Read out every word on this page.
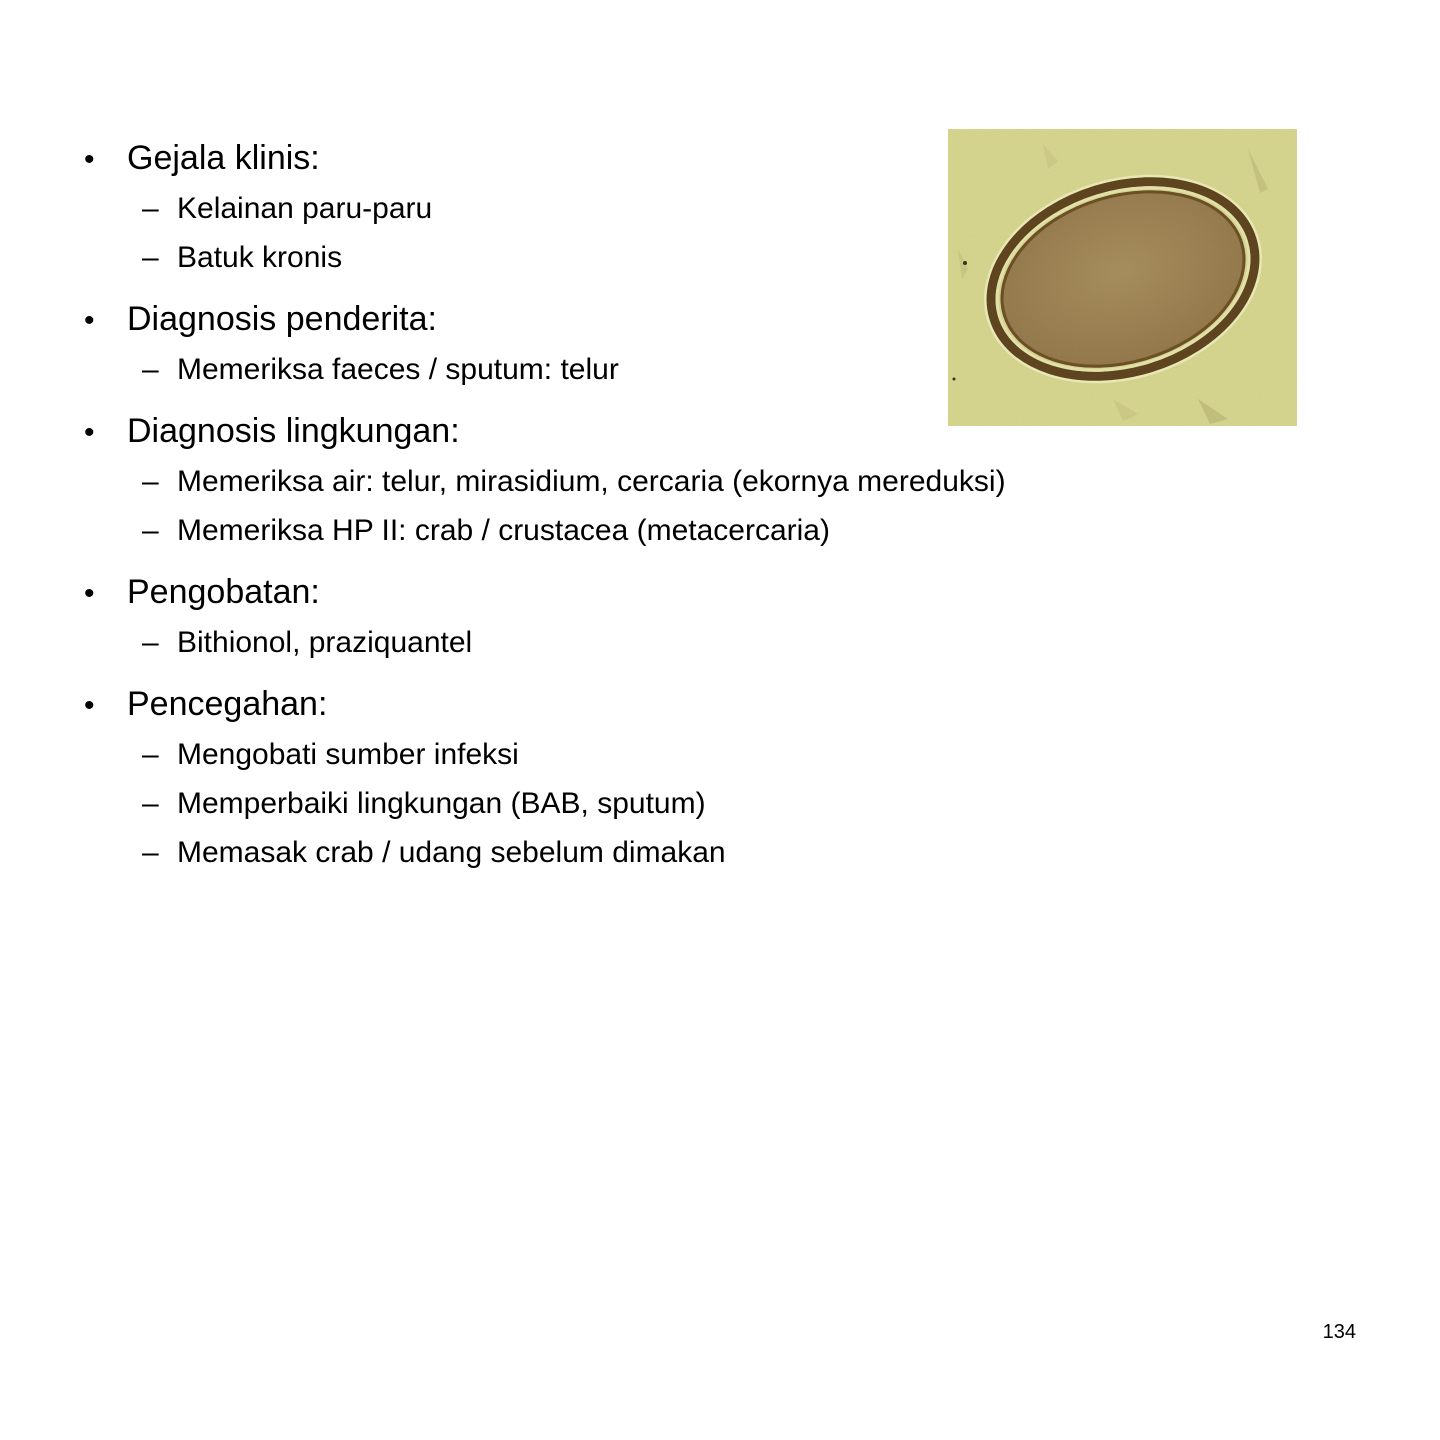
• Gejala klinis:
– Kelainan paru-paru
– Batuk kronis
• Diagnosis penderita:
– Memeriksa faeces / sputum: telur
• Diagnosis lingkungan:
– Memeriksa air: telur, mirasidium, cercaria (ekornya mereduksi)
– Memeriksa HP II: crab / crustacea (metacercaria)
• Pengobatan:
– Bithionol, praziquantel
• Pencegahan:
– Mengobati sumber infeksi
– Memperbaiki lingkungan (BAB, sputum)
– Memasak crab / udang sebelum dimakan
134
